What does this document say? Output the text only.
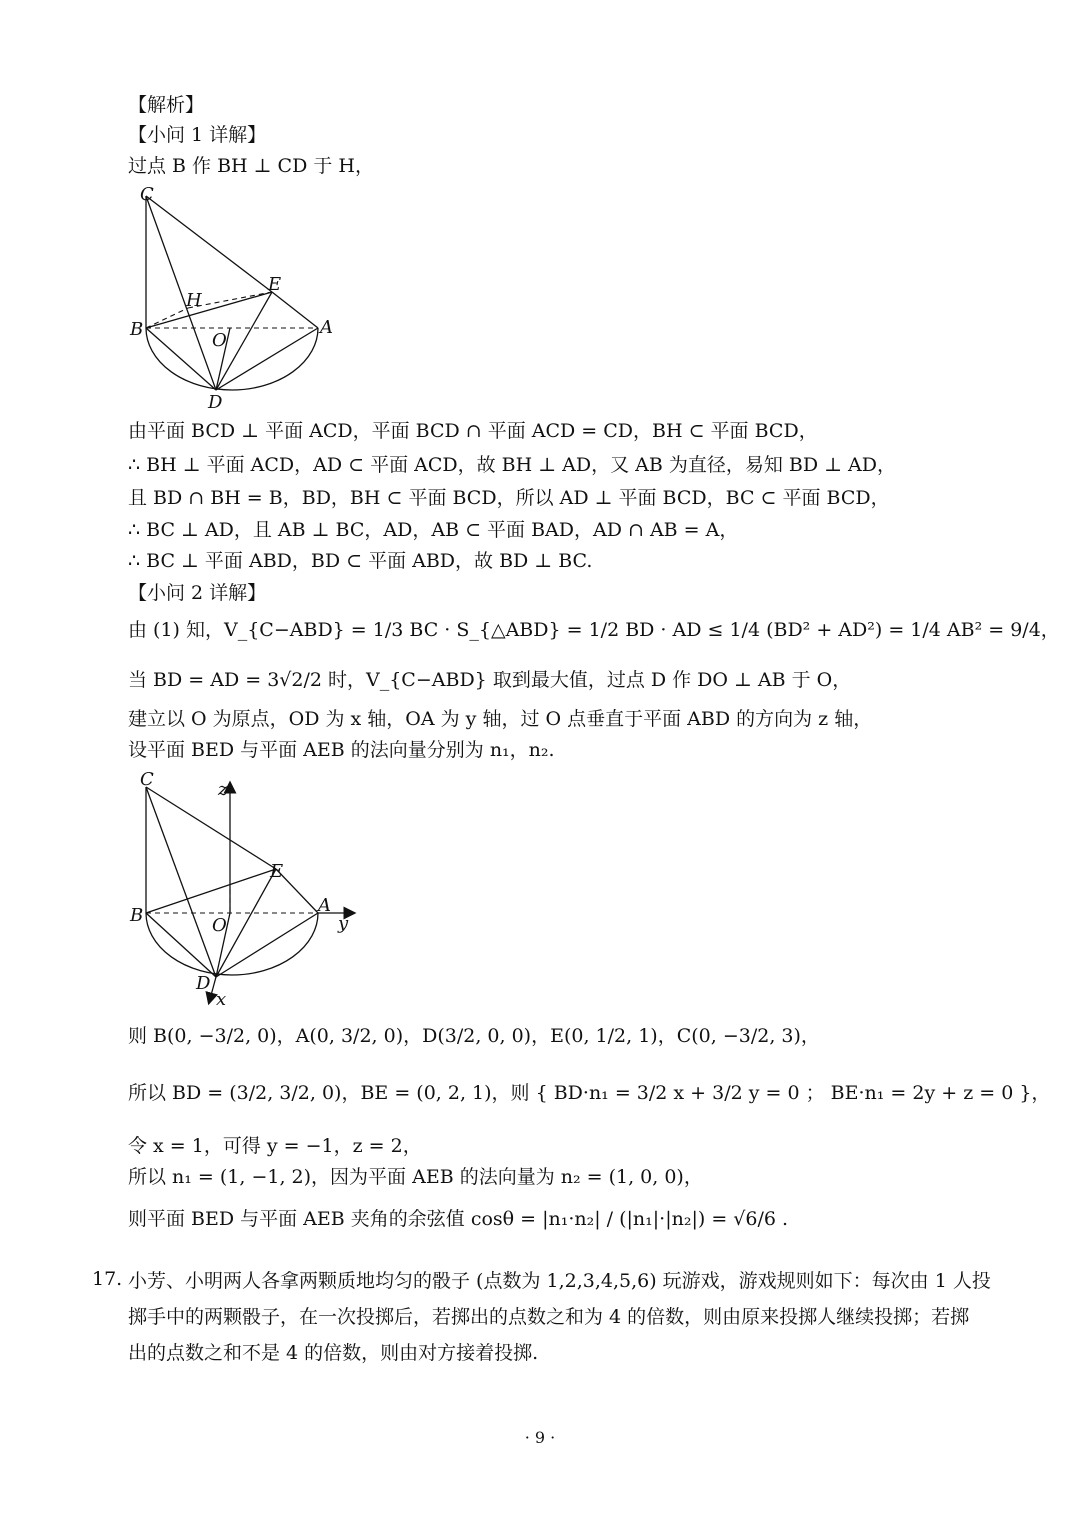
【解析】
【小问 1 详解】
过点 B 作 BH ⊥ CD 于 H，
C
E
H
B	A
O
D
由平面 BCD ⊥ 平面 ACD，平面 BCD ∩ 平面 ACD = CD，BH ⊂ 平面 BCD，
∴ BH ⊥ 平面 ACD，AD ⊂ 平面 ACD，故 BH ⊥ AD，又 AB 为直径，易知 BD ⊥ AD，
且 BD ∩ BH = B，BD，BH ⊂ 平面 BCD，所以 AD ⊥ 平面 BCD，BC ⊂ 平面 BCD，
∴ BC ⊥ AD，且 AB ⊥ BC，AD，AB ⊂ 平面 BAD，AD ∩ AB = A，
∴ BC ⊥ 平面 ABD，BD ⊂ 平面 ABD，故 BD ⊥ BC.
【小问 2 详解】
由 (1) 知，V_{C−ABD} = 1/3 BC · S_{△ABD} = 1/2 BD · AD ≤ 1/4 (BD² + AD²) = 1/4 AB² = 9/4，
当 BD = AD = 3√2/2 时，V_{C−ABD} 取到最大值，过点 D 作 DO ⊥ AB 于 O，
建立以 O 为原点，OD 为 x 轴，OA 为 y 轴，过 O 点垂直于平面 ABD 的方向为 z 轴，
设平面 BED 与平面 AEB 的法向量分别为 n₁，n₂.
C	z
E
B	A
y
O
D
x
则 B(0, −3/2, 0)，A(0, 3/2, 0)，D(3/2, 0, 0)，E(0, 1/2, 1)，C(0, −3/2, 3)，
所以 BD = (3/2, 3/2, 0)，BE = (0, 2, 1)，则 { BD·n₁ = 3/2 x + 3/2 y = 0 ； BE·n₁ = 2y + z = 0 }，
令 x = 1，可得 y = −1，z = 2，
所以 n₁ = (1, −1, 2)，因为平面 AEB 的法向量为 n₂ = (1, 0, 0)，
则平面 BED 与平面 AEB 夹角的余弦值 cosθ = |n₁·n₂| / (|n₁|·|n₂|) = √6/6 .
17. 小芳、小明两人各拿两颗质地均匀的骰子 (点数为 1,2,3,4,5,6) 玩游戏，游戏规则如下：每次由 1 人投
掷手中的两颗骰子，在一次投掷后，若掷出的点数之和为 4 的倍数，则由原来投掷人继续投掷；若掷
出的点数之和不是 4 的倍数，则由对方接着投掷.
· 9 ·
